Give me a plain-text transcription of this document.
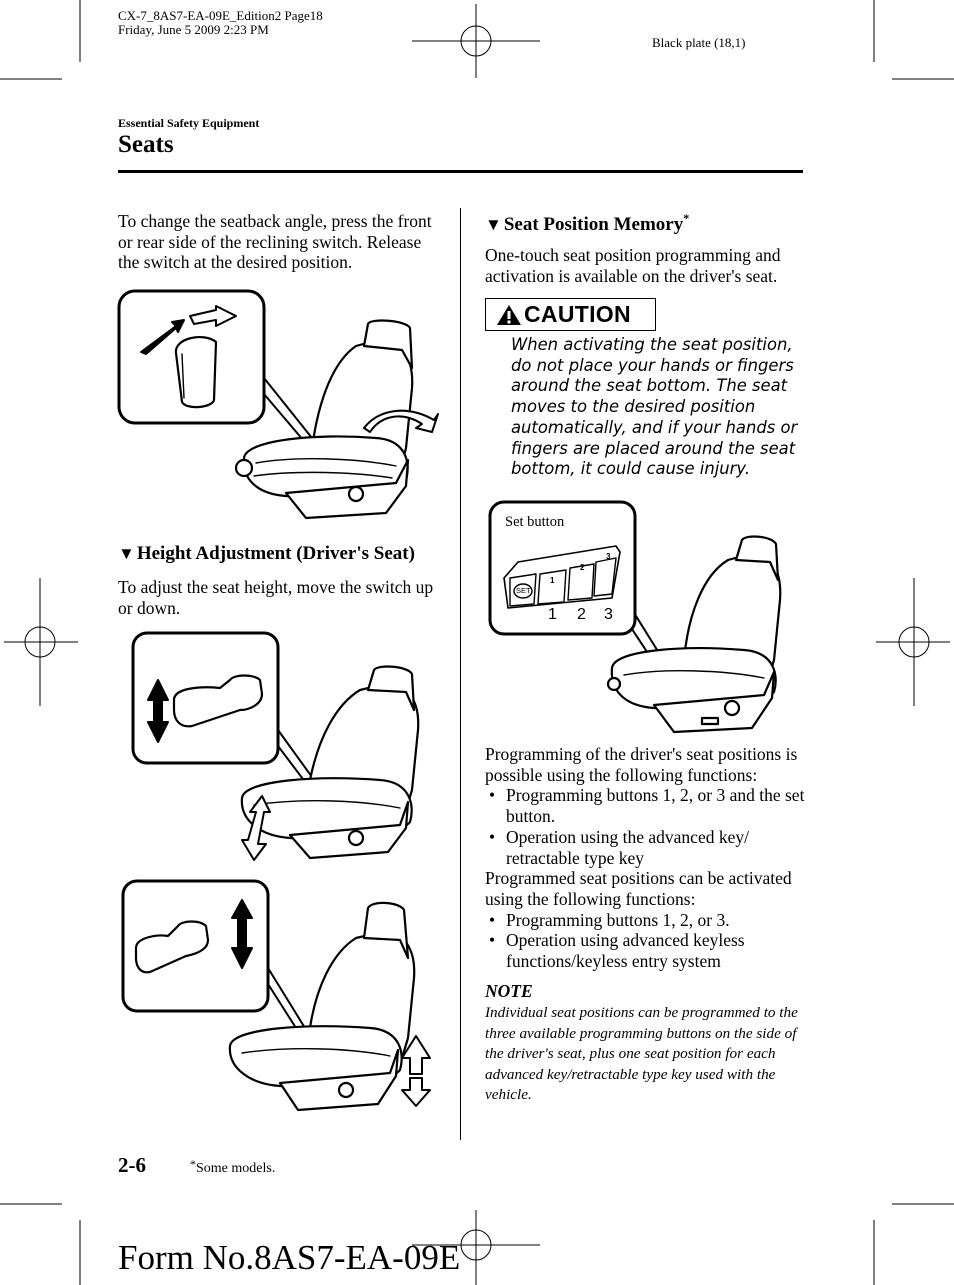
CX-7_8AS7-EA-09E_Edition2 Page18
Friday, June 5 2009 2:23 PM
Black plate (18,1)
Essential Safety Equipment
Seats
To change the seatback angle, press the front or rear side of the reclining switch. Release the switch at the desired position.
▼ Height Adjustment (Driver's Seat)
To adjust the seat height, move the switch up or down.
▼ Seat Position Memory*
One-touch seat position programming and activation is available on the driver's seat.
CAUTION
When activating the seat position, do not place your hands or fingers around the seat bottom. The seat moves to the desired position automatically, and if your hands or fingers are placed around the seat bottom, it could cause injury.
Set button
SET
1
2
3
1 2 3
Programming of the driver's seat positions is possible using the following functions:
• Programming buttons 1, 2, or 3 and the set button.
• Operation using the advanced key/ retractable type key
Programmed seat positions can be activated using the following functions:
• Programming buttons 1, 2, or 3.
• Operation using advanced keyless functions/keyless entry system
NOTE
Individual seat positions can be programmed to the three available programming buttons on the side of the driver's seat, plus one seat position for each advanced key/retractable type key used with the vehicle.
2-6	*Some models.
Form No.8AS7-EA-09E
